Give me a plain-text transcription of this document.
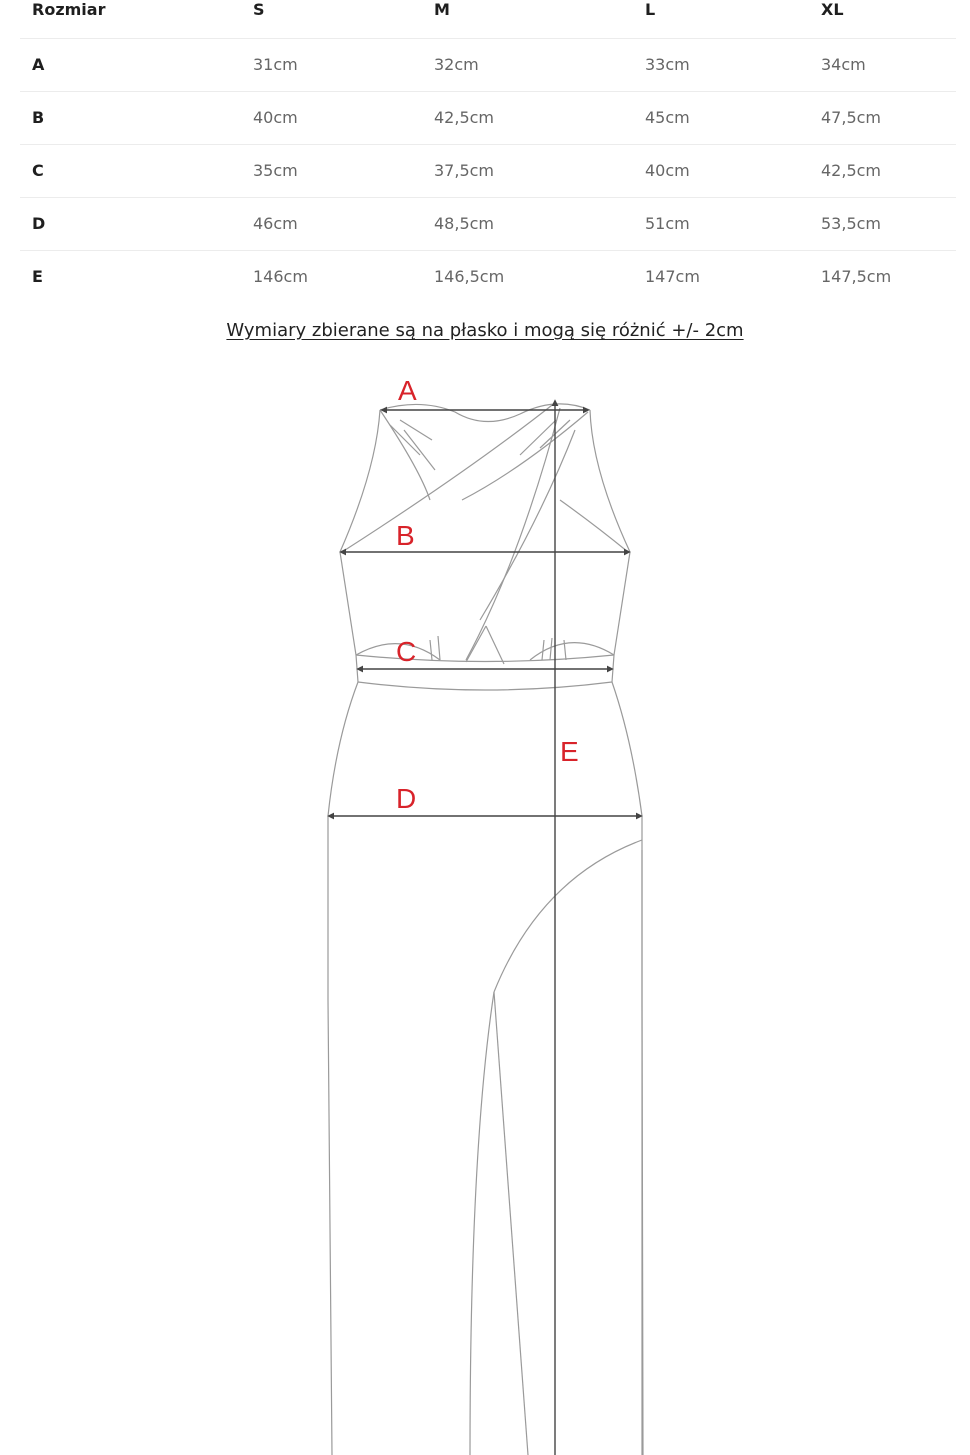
Rozmiar	S	M	L	XL
A	31cm	32cm	33cm	34cm
B	40cm	42,5cm	45cm	47,5cm
C	35cm	37,5cm	40cm	42,5cm
D	46cm	48,5cm	51cm	53,5cm
E	146cm	146,5cm	147cm	147,5cm
Wymiary zbierane są na płasko i mogą się różnić +/- 2cm
A
B
C
E
D
